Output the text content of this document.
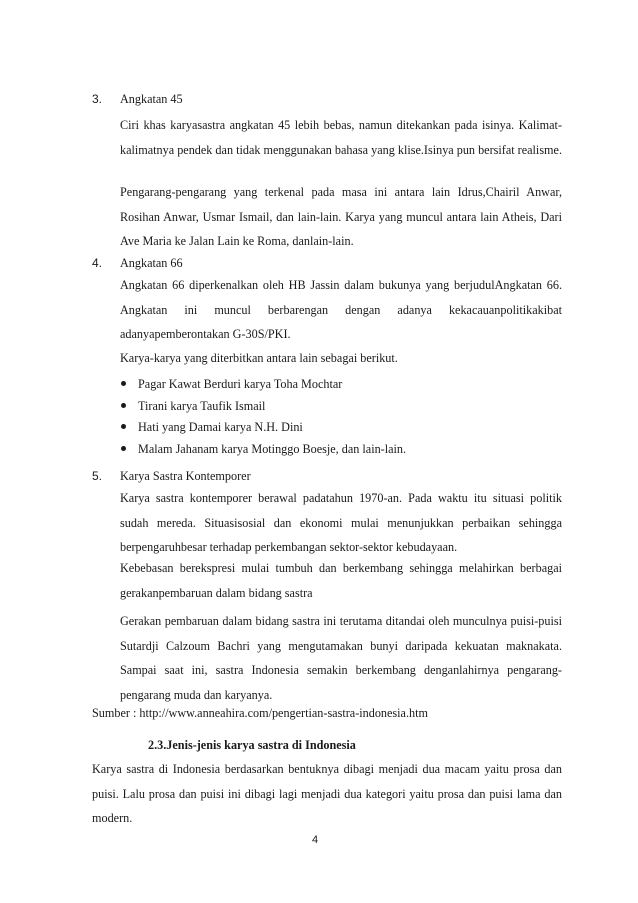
3. Angkatan 45

Ciri khas karyasastra angkatan 45 lebih bebas, namun ditekankan pada isinya. Kalimat-kalimatnya pendek dan tidak menggunakan bahasa yang klise.Isinya pun bersifat realisme.

Pengarang-pengarang yang terkenal pada masa ini antara lain Idrus,Chairil Anwar, Rosihan Anwar, Usmar Ismail, dan lain-lain. Karya yang muncul antara lain Atheis, Dari Ave Maria ke Jalan Lain ke Roma, danlain-lain.

4. Angkatan 66

Angkatan 66 diperkenalkan oleh HB Jassin dalam bukunya yang berjudulAngkatan 66. Angkatan ini muncul berbarengan dengan adanya kekacauanpolitikakibat adanyapemberontakan G-30S/PKI.

Karya-karya yang diterbitkan antara lain sebagai berikut.

Pagar Kawat Berduri karya Toha Mochtar
Tirani karya Taufik Ismail
Hati yang Damai karya N.H. Dini
Malam Jahanam karya Motinggo Boesje, dan lain-lain.
5. Karya Sastra Kontemporer

Karya sastra kontemporer berawal padatahun 1970-an. Pada waktu itu situasi politik sudah mereda. Situasisosial dan ekonomi mulai menunjukkan perbaikan sehingga berpengaruhbesar terhadap perkembangan sektor-sektor kebudayaan.

Kebebasan berekspresi mulai tumbuh dan berkembang sehingga melahirkan berbagai gerakanpembaruan dalam bidang sastra

Gerakan pembaruan dalam bidang sastra ini terutama ditandai oleh munculnya puisi-puisi Sutardji Calzoum Bachri yang mengutamakan bunyi daripada kekuatan maknakata. Sampai saat ini, sastra Indonesia semakin berkembang denganlahirnya pengarang-pengarang muda dan karyanya.

Sumber : http://www.anneahira.com/pengertian-sastra-indonesia.htm
2.3.Jenis-jenis karya sastra di Indonesia

Karya sastra di Indonesia berdasarkan bentuknya dibagi menjadi dua macam yaitu prosa dan puisi. Lalu prosa dan puisi ini dibagi lagi menjadi dua kategori yaitu prosa dan puisi lama dan modern.

4
